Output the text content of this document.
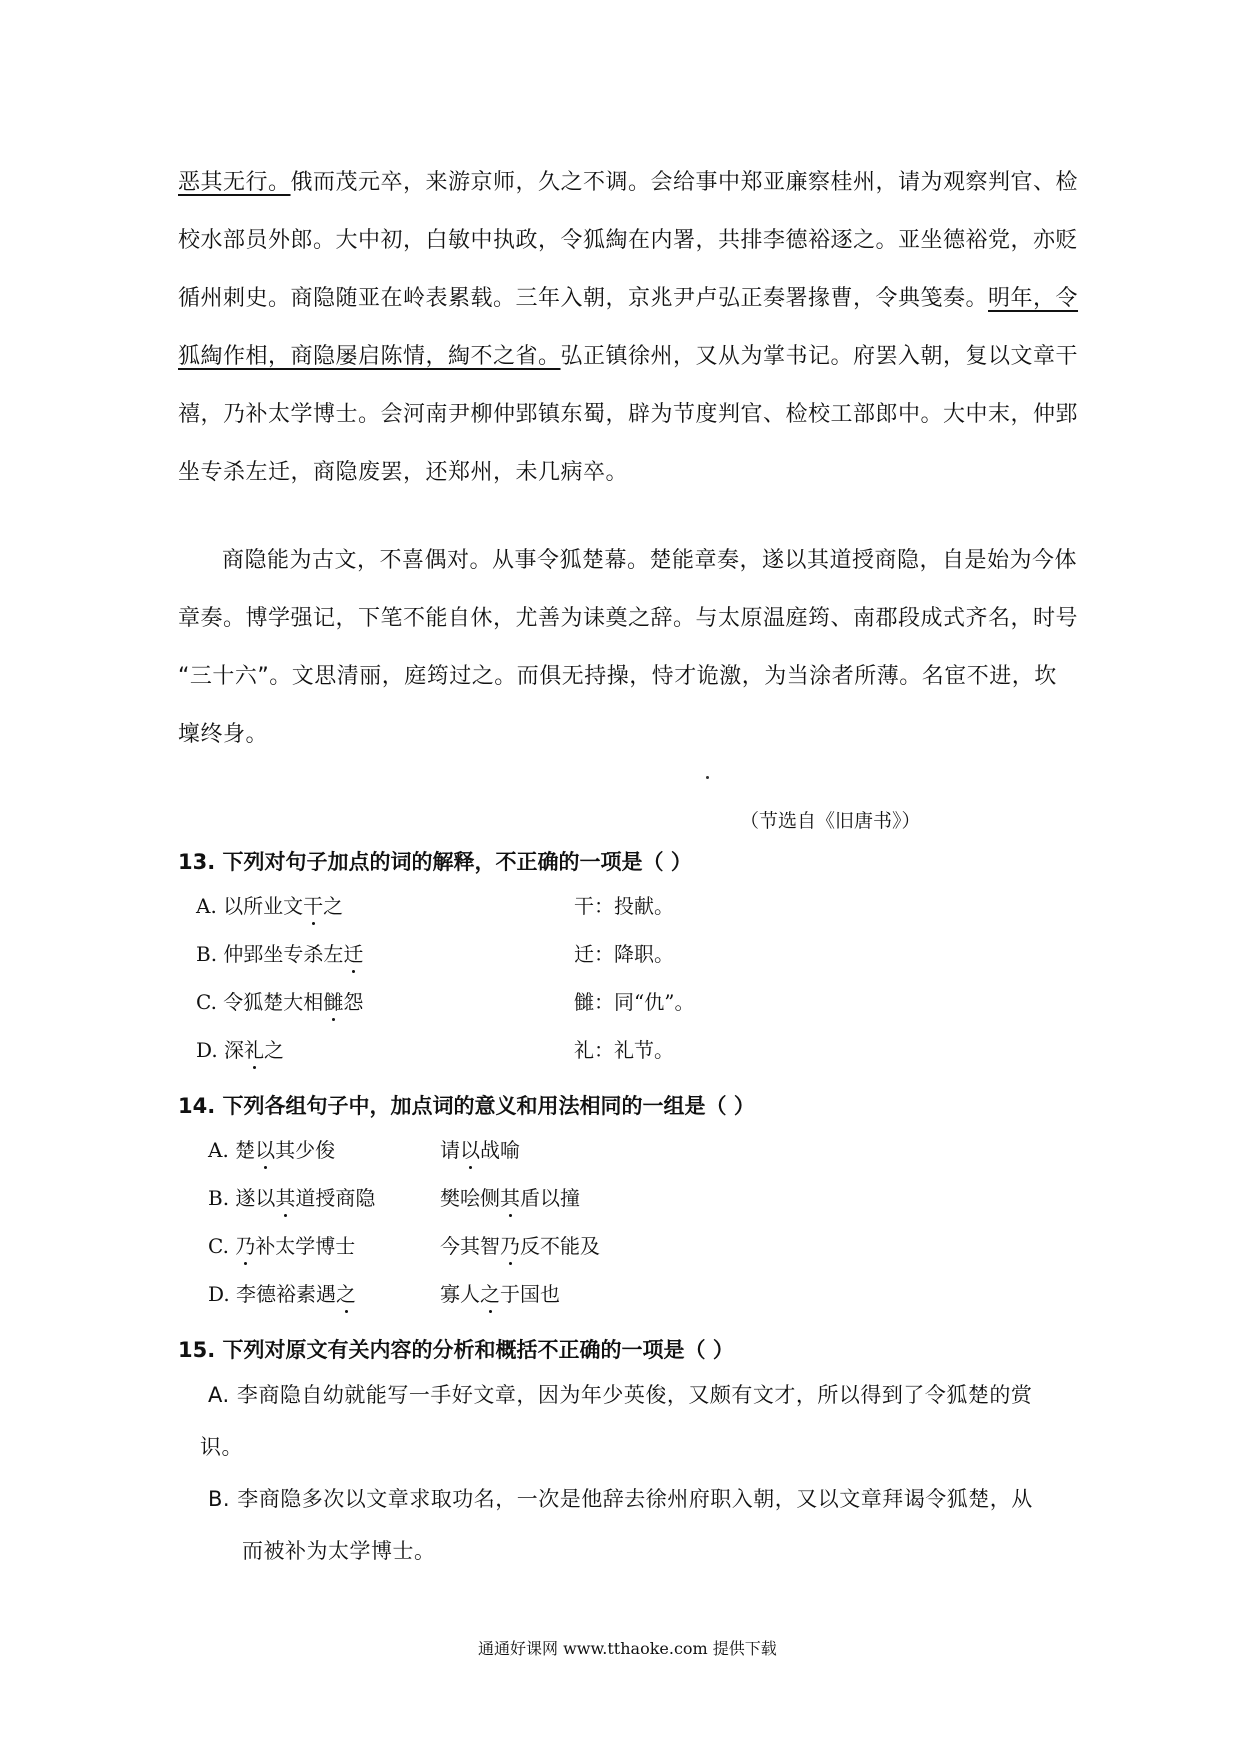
恶其无行。俄而茂元卒，来游京师，久之不调。会给事中郑亚廉察桂州，请为观察判官、检
校水部员外郎。大中初，白敏中执政，令狐綯在内署，共排李德裕逐之。亚坐德裕党，亦贬
循州刺史。商隐随亚在岭表累载。三年入朝，京兆尹卢弘正奏署掾曹，令典笺奏。明年，令
狐綯作相，商隐屡启陈情，綯不之省。弘正镇徐州，又从为掌书记。府罢入朝，复以文章干
禧，乃补太学博士。会河南尹柳仲郢镇东蜀，辟为节度判官、检校工部郎中。大中末，仲郢
坐专杀左迁，商隐废罢，还郑州，未几病卒。
商隐能为古文，不喜偶对。从事令狐楚幕。楚能章奏，遂以其道授商隐，自是始为今体
章奏。博学强记，下笔不能自休，尤善为诔奠之辞。与太原温庭筠、南郡段成式齐名，时号
“三十六”。文思清丽，庭筠过之。而俱无持操，恃才诡激，为当涂者所薄。名宦不进，坎
壈终身。
（节选自《旧唐书》）
13. 下列对句子加点的词的解释，不正确的一项是（ ）
A. 以所业文干之	干：投献。
B. 仲郢坐专杀左迁	迁：降职。
C. 令狐楚大相雠怨	雠：同“仇”。
D. 深礼之	礼：礼节。
14. 下列各组句子中，加点词的意义和用法相同的一组是（ ）
A. 楚以其少俊	请以战喻
B. 遂以其道授商隐	樊哙侧其盾以撞
C. 乃补太学博士	今其智乃反不能及
D. 李德裕素遇之	寡人之于国也
15. 下列对原文有关内容的分析和概括不正确的一项是（ ）
A. 李商隐自幼就能写一手好文章，因为年少英俊，又颇有文才，所以得到了令狐楚的赏
识。
B. 李商隐多次以文章求取功名，一次是他辞去徐州府职入朝，又以文章拜谒令狐楚，从
而被补为太学博士。
通通好课网 www.tthaoke.com 提供下载
